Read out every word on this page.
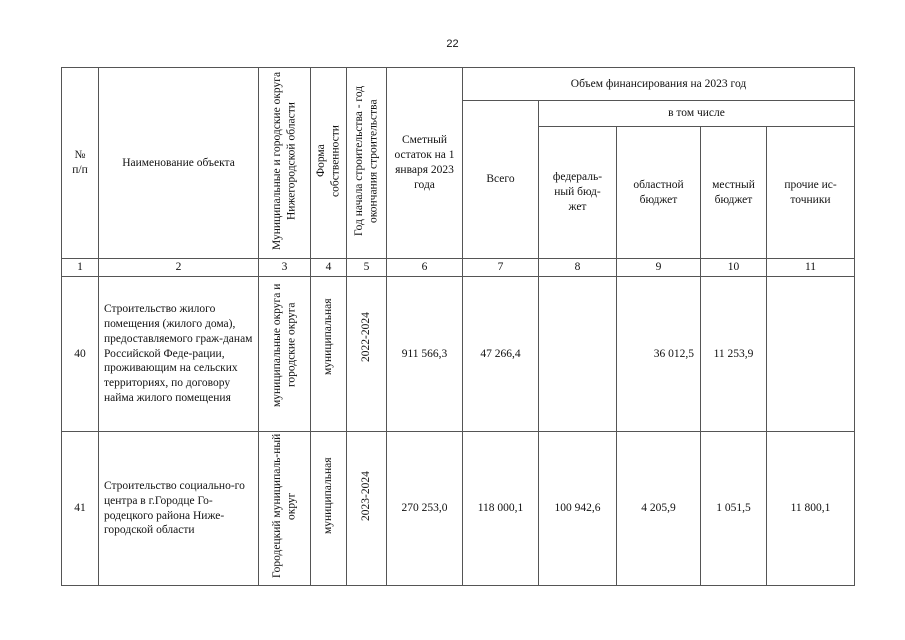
22
№
п/п	Наименование объекта	Муниципальные и городские округа Нижегородской области	Форма собственности	Год начала строительства - год окончания строительства	Сметный остаток на 1 января 2023 года	Объем финансирования на 2023 год				
						Всего	в том числе			
							федераль-ный бюд-жет	областной бюджет	местный бюджет	прочие ис-точники
1	2	3	4	5	6	7	8	9	10	11
40	Строительство жилого помещения (жилого дома), предоставляемого граж-данам Российской Феде-рации, проживающим на сельских территориях, по договору найма жилого помещения	муниципальные округа и городские округа	муниципальная	2022-2024	911 566,3	47 266,4		36 012,5	11 253,9	
41	Строительство социально-го центра в г.Городце Го-родецкого района Ниже-городской области	Городецкий муниципаль-ный округ	муниципальная	2023-2024	270 253,0	118 000,1	100 942,6	4 205,9	1 051,5	11 800,1
